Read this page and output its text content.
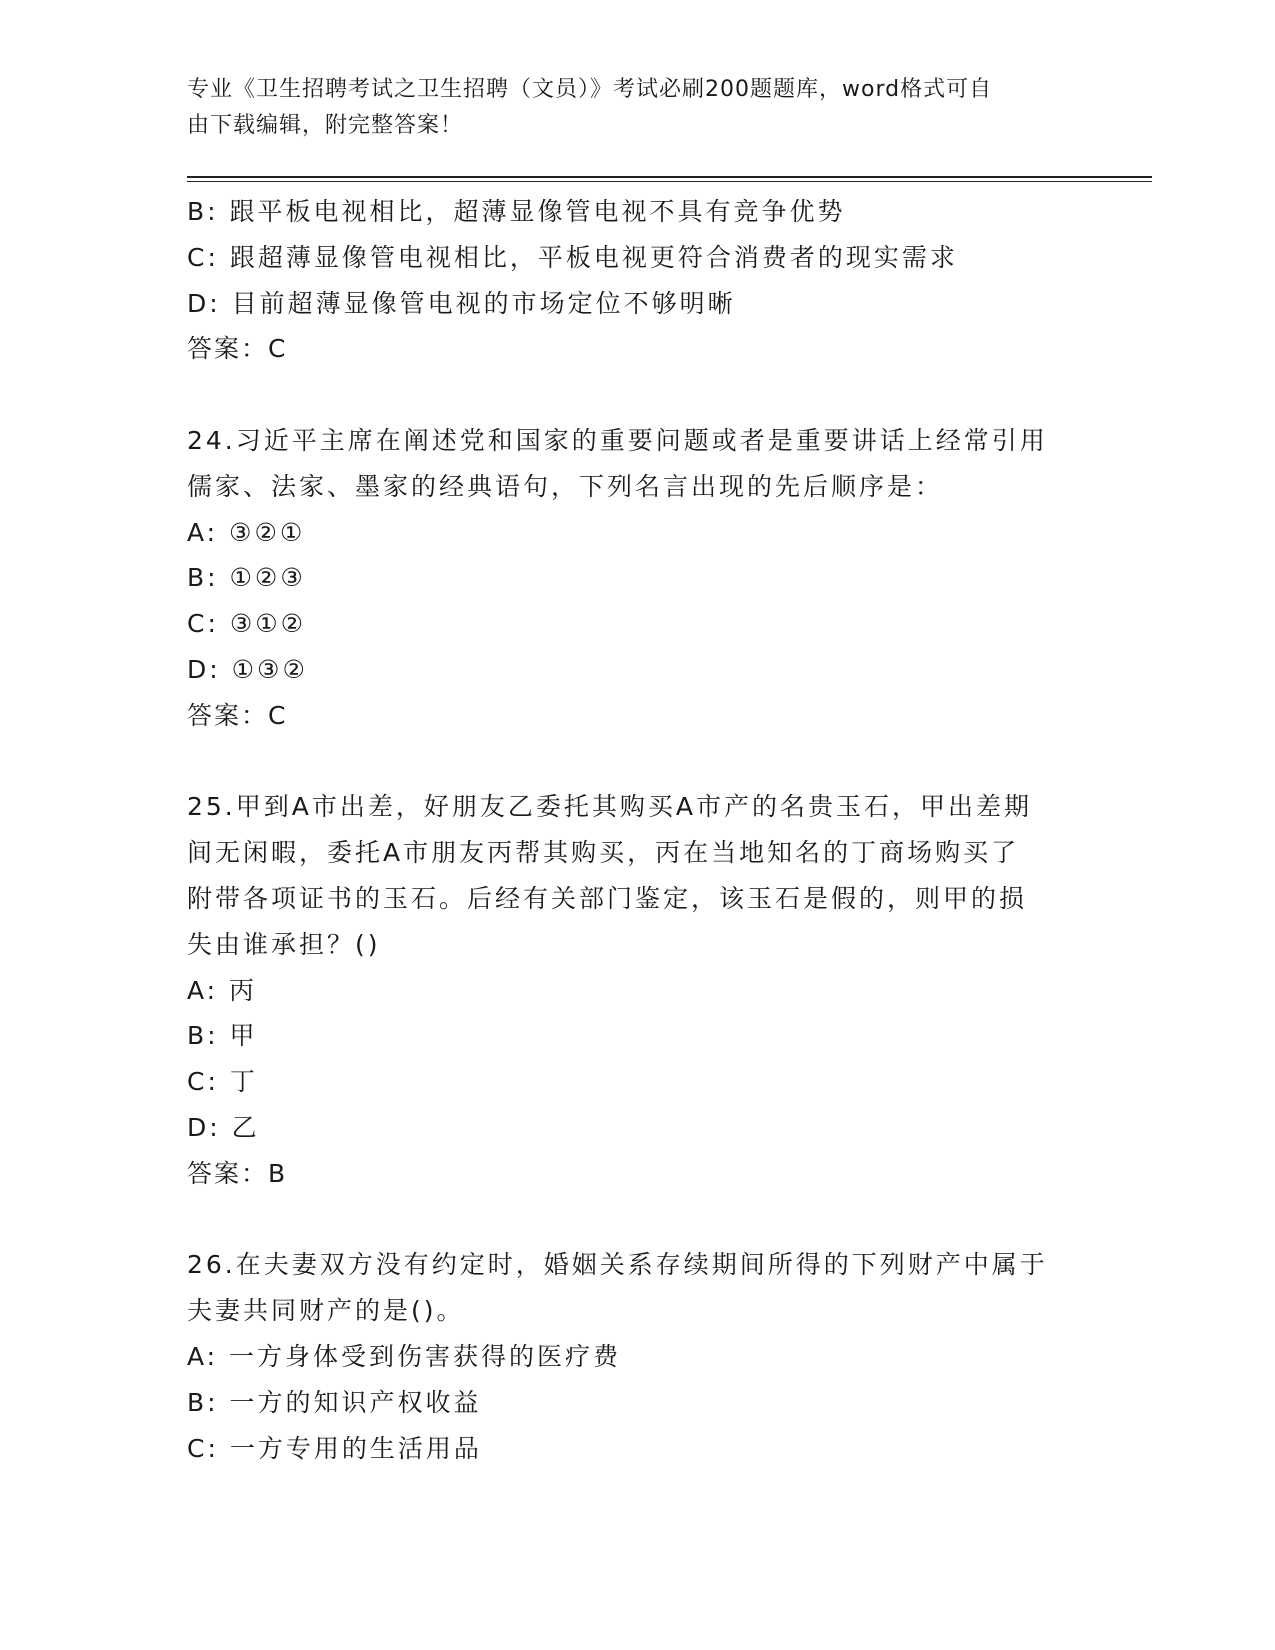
专业《卫生招聘考试之卫生招聘（文员）》考试必刷200题题库，word格式可自
由下载编辑，附完整答案！
B: 跟平板电视相比，超薄显像管电视不具有竞争优势
C: 跟超薄显像管电视相比，平板电视更符合消费者的现实需求
D: 目前超薄显像管电视的市场定位不够明晰
答案：C
24.习近平主席在阐述党和国家的重要问题或者是重要讲话上经常引用
儒家、法家、墨家的经典语句，下列名言出现的先后顺序是：
A: ③②①
B: ①②③
C: ③①②
D: ①③②
答案：C
25.甲到A市出差，好朋友乙委托其购买A市产的名贵玉石，甲出差期
间无闲暇，委托A市朋友丙帮其购买，丙在当地知名的丁商场购买了
附带各项证书的玉石。后经有关部门鉴定，该玉石是假的，则甲的损
失由谁承担？()
A: 丙
B: 甲
C: 丁
D: 乙
答案：B
26.在夫妻双方没有约定时，婚姻关系存续期间所得的下列财产中属于
夫妻共同财产的是()。
A: 一方身体受到伤害获得的医疗费
B: 一方的知识产权收益
C: 一方专用的生活用品
